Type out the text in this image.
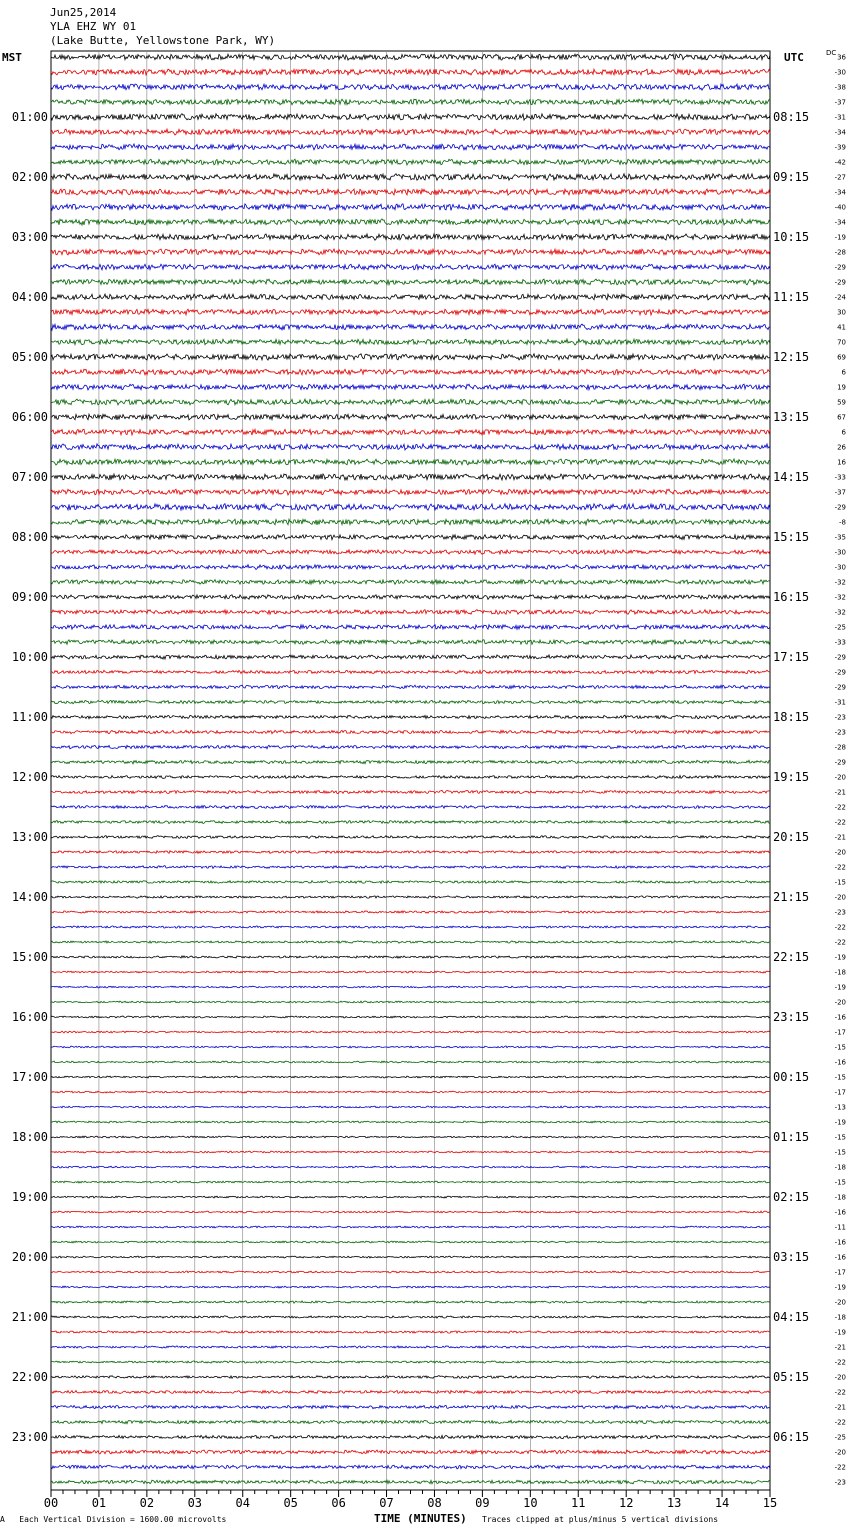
36
-30
-38
-37
-31
-34
-39
-42
-27
-34
-40
-34
-19
-28
-29
-29
-24
30
41
70
69
6
19
59
67
6
26
16
-33
-37
-29
-8
-35
-30
-30
-32
-32
-32
-25
-33
-29
-29
-29
-31
-23
-23
-28
-29
-20
-21
-22
-22
-21
-20
-22
-15
-20
-23
-22
-22
-19
-18
-19
-20
-16
-17
-15
-16
-15
-17
-13
-19
-15
-15
-18
-15
-18
-16
-11
-16
-16
-17
-19
-20
-18
-19
-21
-22
-20
-22
-21
-22
-25
-20
-22
-23
DC
01:00	08:15
02:00	09:15
03:00	10:15
04:00	11:15
05:00	12:15
06:00	13:15
07:00	14:15
08:00	15:15
09:00	16:15
10:00	17:15
11:00	18:15
12:00	19:15
13:00	20:15
14:00	21:15
15:00	22:15
16:00	23:15
17:00	00:15
18:00	01:15
19:00	02:15
20:00	03:15
21:00	04:15
22:00	05:15
23:00	06:15
00	01	02	03	04	05	06	07	08	09	10	11	12	13	14	15
Jun25,2014
YLA EHZ WY 01
(Lake Butte, Yellowstone Park, WY)
MST	UTC
TIME (MINUTES)
A   Each Vertical Division = 1600.00 microvolts	Traces clipped at plus/minus 5 vertical divisions
